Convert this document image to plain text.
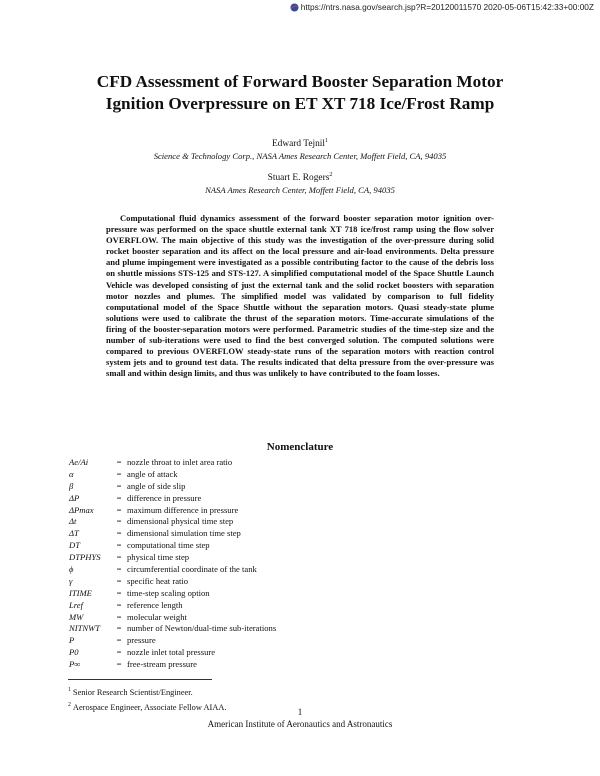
https://ntrs.nasa.gov/search.jsp?R=20120011570 2020-05-06T15:42:33+00:00Z
CFD Assessment of Forward Booster Separation Motor
Ignition Overpressure on ET XT 718 Ice/Frost Ramp
Edward Tejnil$^1$
Science & Technology Corp., NASA Ames Research Center, Moffett Field, CA, 94035
Stuart E. Rogers$^2$
NASA Ames Research Center, Moffett Field, CA, 94035
Computational fluid dynamics assessment of the forward booster separation motor ignition over-pressure was performed on the space shuttle external tank XT 718 ice/frost ramp using the flow solver OVERFLOW. The main objective of this study was the investigation of the over-pressure during solid rocket booster separation and its affect on the local pressure and air-load environments. Delta pressure and plume impingement were investigated as a possible contributing factor to the cause of the debris loss on shuttle missions STS-125 and STS-127. A simplified computational model of the Space Shuttle Launch Vehicle was developed consisting of just the external tank and the solid rocket boosters with separation motor nozzles and plumes. The simplified model was validated by comparison to full fidelity computational model of the Space Shuttle without the separation motors. Quasi steady-state plume solutions were used to calibrate the thrust of the separation motors. Time-accurate simulations of the firing of the booster-separation motors were performed. Parametric studies of the time-step size and the number of sub-iterations were used to find the best converged solution. The computed solutions were compared to previous OVERFLOW steady-state runs of the separation motors with reaction control system jets and to ground test data. The results indicated that delta pressure from the over-pressure was small and within design limits, and thus was unlikely to have contributed to the foam losses.
Nomenclature
Ae/Ai	= nozzle throat to inlet area ratio
α	= angle of attack
β	= angle of side slip
ΔP	= difference in pressure
ΔPmax	= maximum difference in pressure
Δt	= dimensional physical time step
ΔT	= dimensional simulation time step
DT	= computational time step
DTPHYS	= physical time step
ϕ	= circumferential coordinate of the tank
γ	= specific heat ratio
ITIME	= time-step scaling option
Lref	= reference length
MW	= molecular weight
NITNWT	= number of Newton/dual-time sub-iterations
P	= pressure
P0	= nozzle inlet total pressure
P∞	= free-stream pressure
$^1$ Senior Research Scientist/Engineer.
$^2$ Aerospace Engineer, Associate Fellow AIAA.	1
American Institute of Aeronautics and Astronautics
